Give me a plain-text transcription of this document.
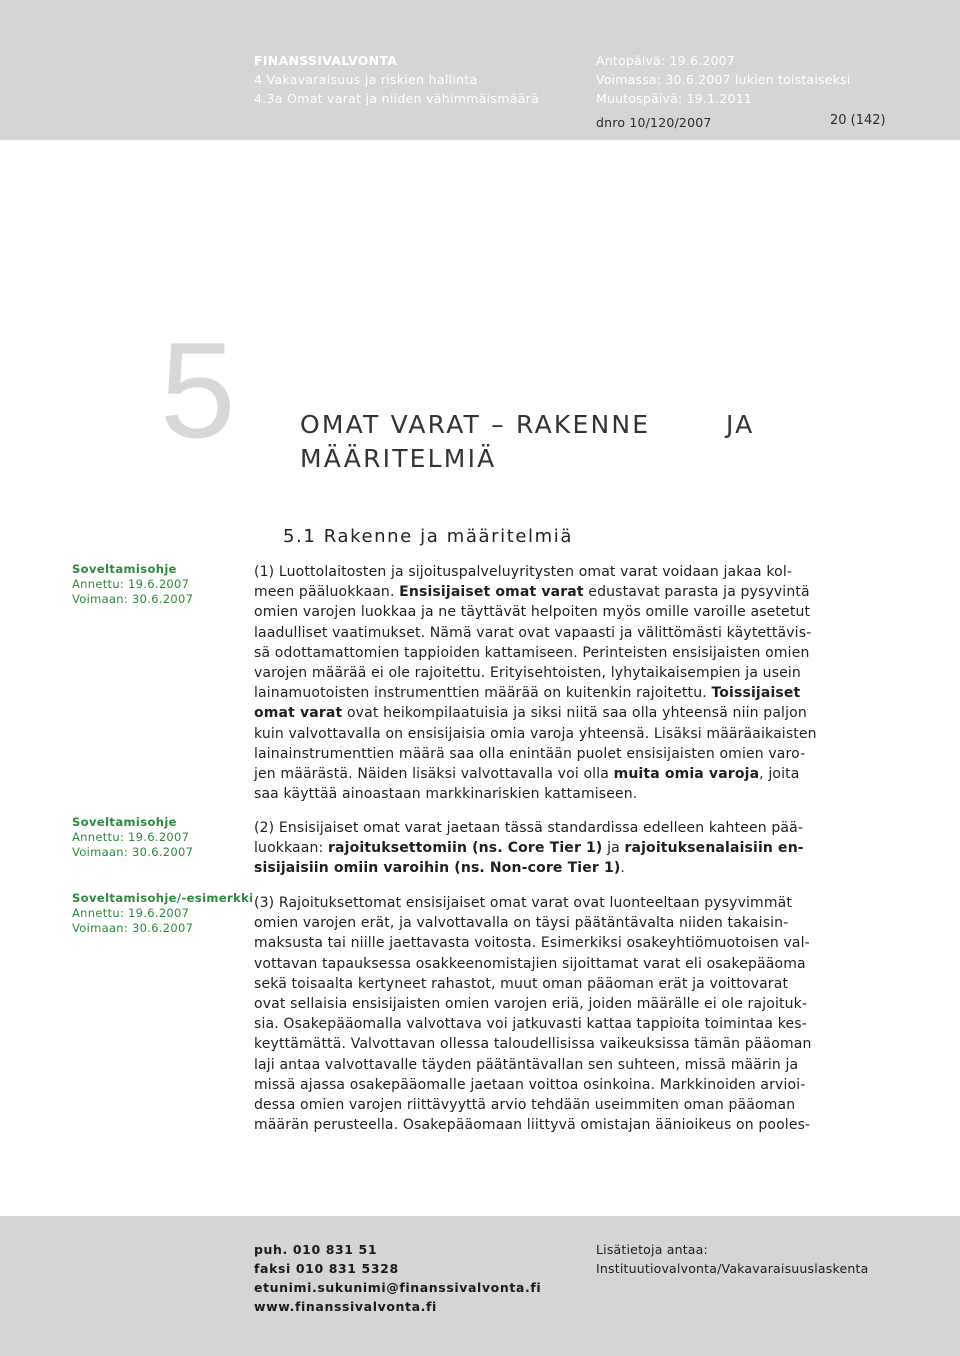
FINANSSIVALVONTA
4 Vakavaraisuus ja riskien hallinta
4.3a Omat varat ja niiden vähimmäismäärä
Antopäivä: 19.6.2007
Voimassa: 30.6.2007 lukien toistaiseksi
Muutospäivä: 19.1.2011
dnro 10/120/2007	20 (142)
5	OMAT VARAT – RAKENNE
MÄÄRITELMIÄ
JA
5.1 Rakenne ja määritelmiä
Soveltamisohje
Annettu: 19.6.2007
Voimaan: 30.6.2007
Soveltamisohje
Annettu: 19.6.2007
Voimaan: 30.6.2007
Soveltamisohje/-esimerkki
Annettu: 19.6.2007
Voimaan: 30.6.2007
(1) Luottolaitosten ja sijoituspalveluyritysten omat varat voidaan jakaa kol-
meen pääluokkaan. Ensisijaiset omat varat edustavat parasta ja pysyvintä
omien varojen luokkaa ja ne täyttävät helpoiten myös omille varoille asetetut
laadulliset vaatimukset. Nämä varat ovat vapaasti ja välittömästi käytettävis-
sä odottamattomien tappioiden kattamiseen. Perinteisten ensisijaisten omien
varojen määrää ei ole rajoitettu. Erityisehtoisten, lyhytaikaisempien ja usein
lainamuotoisten instrumenttien määrää on kuitenkin rajoitettu. Toissijaiset
omat varat ovat heikompilaatuisia ja siksi niitä saa olla yhteensä niin paljon
kuin valvottavalla on ensisijaisia omia varoja yhteensä. Lisäksi määräaikaisten
lainainstrumenttien määrä saa olla enintään puolet ensisijaisten omien varo-
jen määrästä. Näiden lisäksi valvottavalla voi olla muita omia varoja, joita
saa käyttää ainoastaan markkinariskien kattamiseen.
(2) Ensisijaiset omat varat jaetaan tässä standardissa edelleen kahteen pää-
luokkaan: rajoituksettomiin (ns. Core Tier 1) ja rajoituksenalaisiin en-
sisijaisiin omiin varoihin (ns. Non-core Tier 1).
(3) Rajoituksettomat ensisijaiset omat varat ovat luonteeltaan pysyvimmät
omien varojen erät, ja valvottavalla on täysi päätäntävalta niiden takaisin-
maksusta tai niille jaettavasta voitosta. Esimerkiksi osakeyhtiömuotoisen val-
vottavan tapauksessa osakkeenomistajien sijoittamat varat eli osakepääoma
sekä toisaalta kertyneet rahastot, muut oman pääoman erät ja voittovarat
ovat sellaisia ensisijaisten omien varojen eriä, joiden määrälle ei ole rajoituk-
sia. Osakepääomalla valvottava voi jatkuvasti kattaa tappioita toimintaa kes-
keyttämättä. Valvottavan ollessa taloudellisissa vaikeuksissa tämän pääoman
laji antaa valvottavalle täyden päätäntävallan sen suhteen, missä määrin ja
missä ajassa osakepääomalle jaetaan voittoa osinkoina. Markkinoiden arvioi-
dessa omien varojen riittävyyttä arvio tehdään useimmiten oman pääoman
määrän perusteella. Osakepääomaan liittyvä omistajan äänioikeus on pooles-
puh. 010 831 51
faksi 010 831 5328
etunimi.sukunimi@finanssivalvonta.fi
www.finanssivalvonta.fi
Lisätietoja antaa:
Instituutiovalvonta/Vakavaraisuuslaskenta
